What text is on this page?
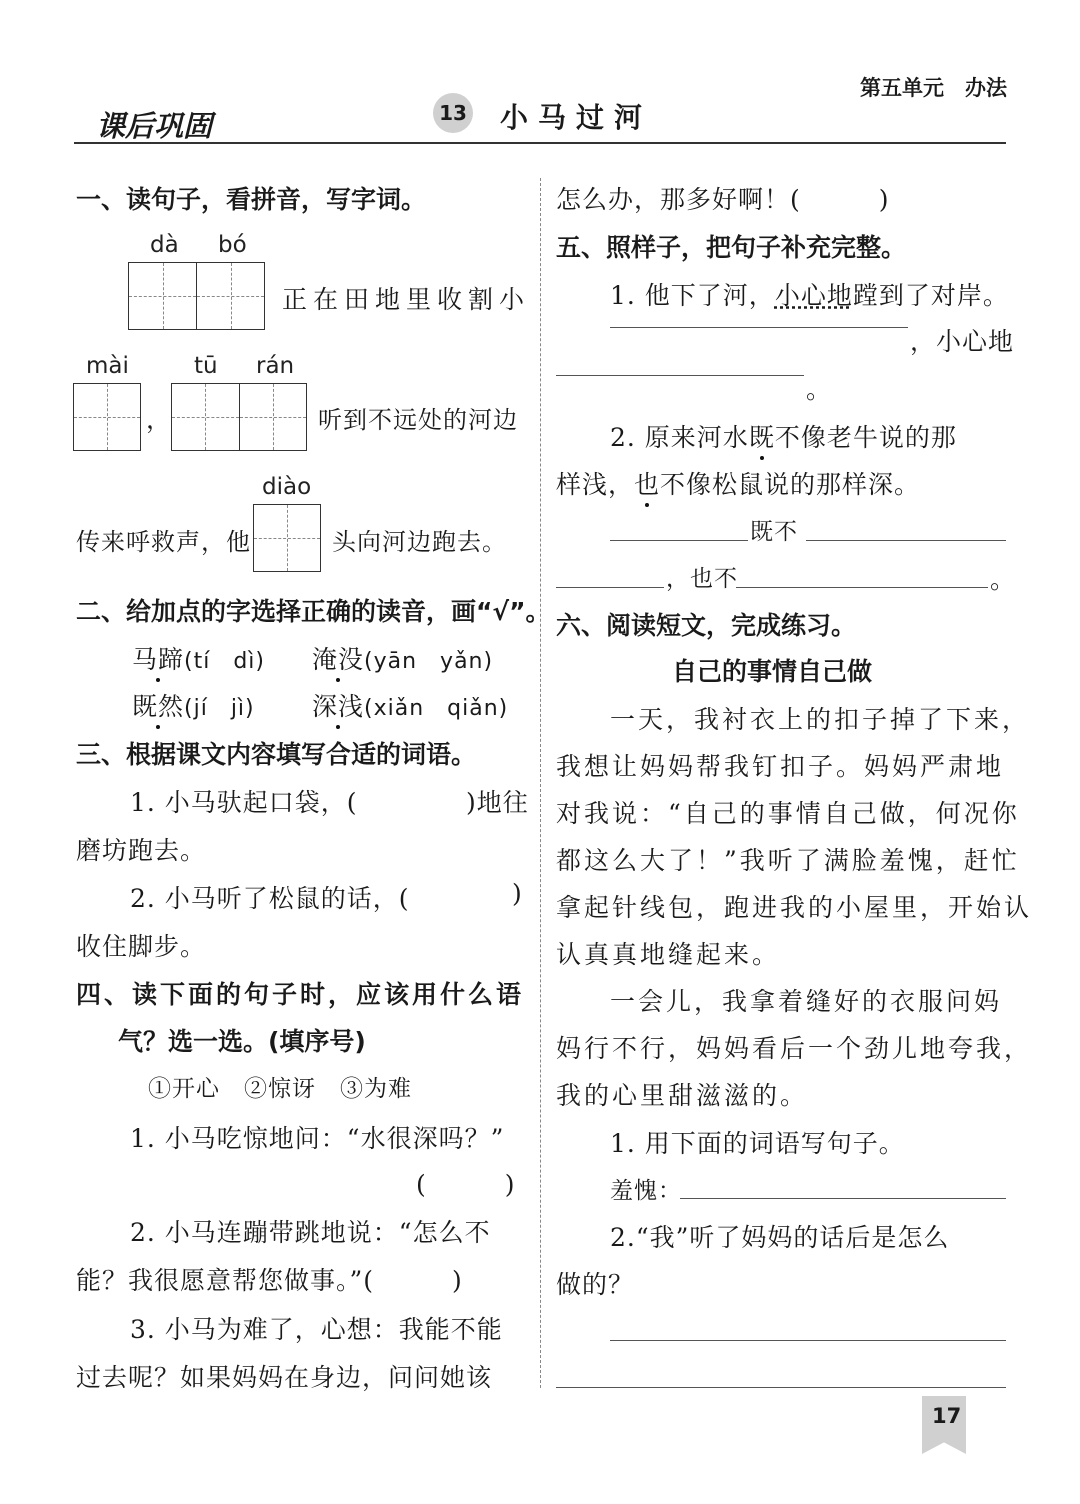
第五单元　办法
课后巩固	13 小马过河
一、读句子，看拼音，写字词。
dà bó
正在田地里收割小
mài	tū rán
，	听到不远处的河边
diào
传来呼救声，他	头向河边跑去。
二、给加点的字选择正确的读音，画“√”。
马蹄(tí　dì) 淹没(yān　yǎn)
既然(jí　jì) 深浅(xiǎn　qiǎn)
三、根据课文内容填写合适的词语。
1. 小马驮起口袋，(	)地往
磨坊跑去。
2. 小马听了松鼠的话，(	)
收住脚步。
四、读下面的句子时，应该用什么语
气？选一选。(填序号)
①开心　②惊讶　③为难
1. 小马吃惊地问：“水很深吗？”
(　　　)
2. 小马连蹦带跳地说：“怎么不
能？我很愿意帮您做事。”(　　　)
3. 小马为难了，心想：我能不能
过去呢？如果妈妈在身边，问问她该
怎么办，那多好啊！(　　　)
五、照样子，把句子补充完整。
1. 他下了河，小心地蹚到了对岸。
，小心地
。
2. 原来河水既不像老牛说的那
样浅，也不像松鼠说的那样深。
既不
，也不	。
六、阅读短文，完成练习。
自己的事情自己做
一天，我衬衣上的扣子掉了下来，
我想让妈妈帮我钉扣子。妈妈严肃地
对我说：“自己的事情自己做，何况你
都这么大了！”我听了满脸羞愧，赶忙
拿起针线包，跑进我的小屋里，开始认
认真真地缝起来。
一会儿，我拿着缝好的衣服问妈
妈行不行，妈妈看后一个劲儿地夸我，
我的心里甜滋滋的。
1. 用下面的词语写句子。
羞愧：
2.“我”听了妈妈的话后是怎么
做的？
17
